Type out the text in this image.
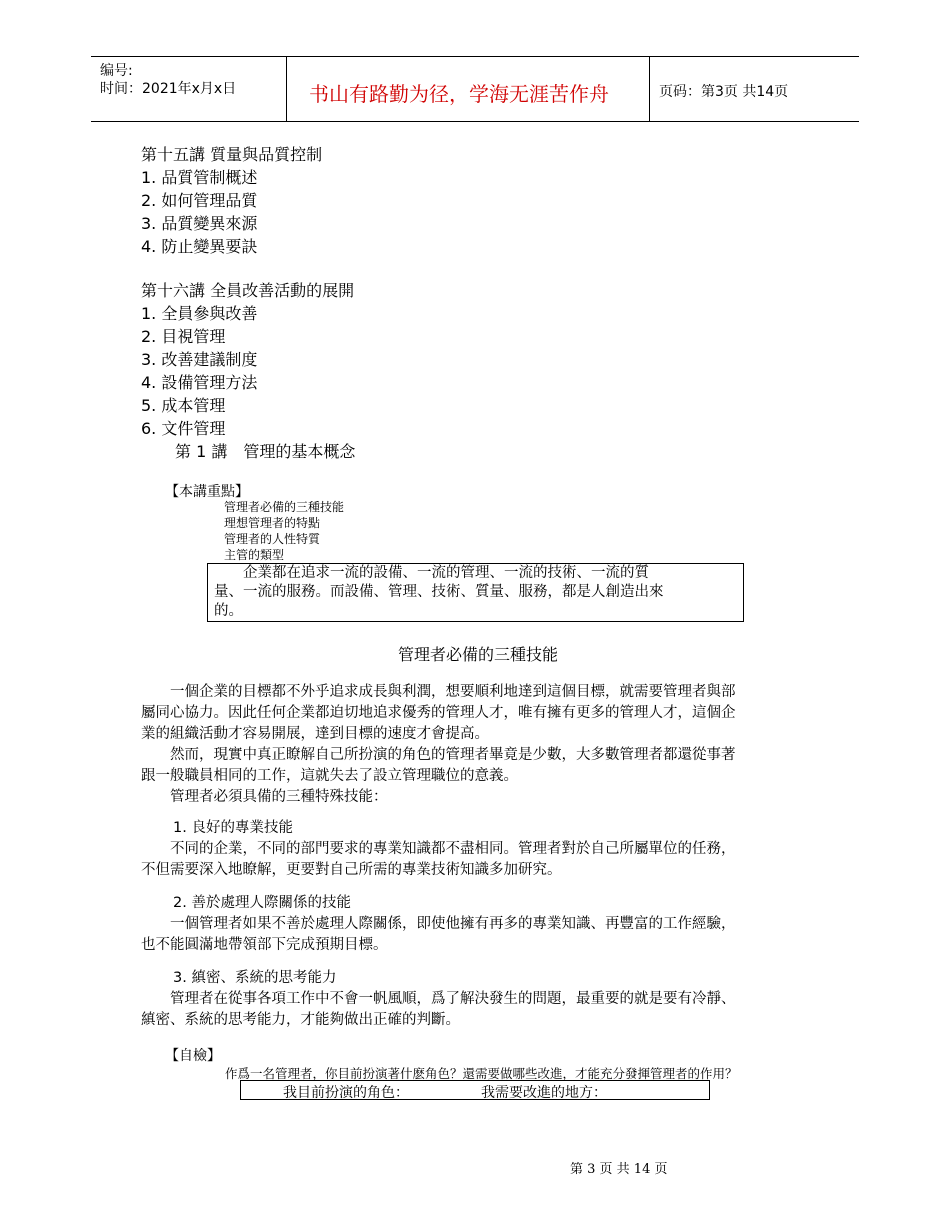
编号:
时间：2021年x月x日	书山有路勤为径，学海无涯苦作舟	页码：第3页 共14页
第十五講 質量與品質控制
1. 品質管制概述
2. 如何管理品質
3. 品質變異來源
4. 防止變異要訣
第十六講 全員改善活動的展開
1. 全員參與改善
2. 目視管理
3. 改善建議制度
4. 設備管理方法
5. 成本管理
6. 文件管理
第 1 講　管理的基本概念
【本講重點】
管理者必備的三種技能
理想管理者的特點
管理者的人性特質
主管的類型
　　企業都在追求一流的設備、一流的管理、一流的技術、一流的質
量、一流的服務。而設備、管理、技術、質量、服務，都是人創造出來
的。
管理者必備的三種技能
　　一個企業的目標都不外乎追求成長與利潤，想要順利地達到這個目標，就需要管理者與部
屬同心協力。因此任何企業都迫切地追求優秀的管理人才，唯有擁有更多的管理人才，這個企
業的組織活動才容易開展，達到目標的速度才會提高。
　　然而，現實中真正瞭解自己所扮演的角色的管理者畢竟是少數，大多數管理者都還從事著
跟一般職員相同的工作，這就失去了設立管理職位的意義。
　　管理者必須具備的三種特殊技能：
1. 良好的專業技能
　　不同的企業，不同的部門要求的專業知識都不盡相同。管理者對於自己所屬單位的任務，
不但需要深入地瞭解，更要對自己所需的專業技術知識多加研究。
2. 善於處理人際關係的技能
　　一個管理者如果不善於處理人際關係，即使他擁有再多的專業知識、再豐富的工作經驗，
也不能圓滿地帶領部下完成預期目標。
3. 縝密、系統的思考能力
　　管理者在從事各項工作中不會一帆風順，爲了解決發生的問題，最重要的就是要有冷靜、
縝密、系統的思考能力，才能夠做出正確的判斷。
【自檢】
作爲一名管理者，你目前扮演著什麽角色？還需要做哪些改進，才能充分發揮管理者的作用？
我目前扮演的角色：	我需要改進的地方：
第 3 页 共 14 页
